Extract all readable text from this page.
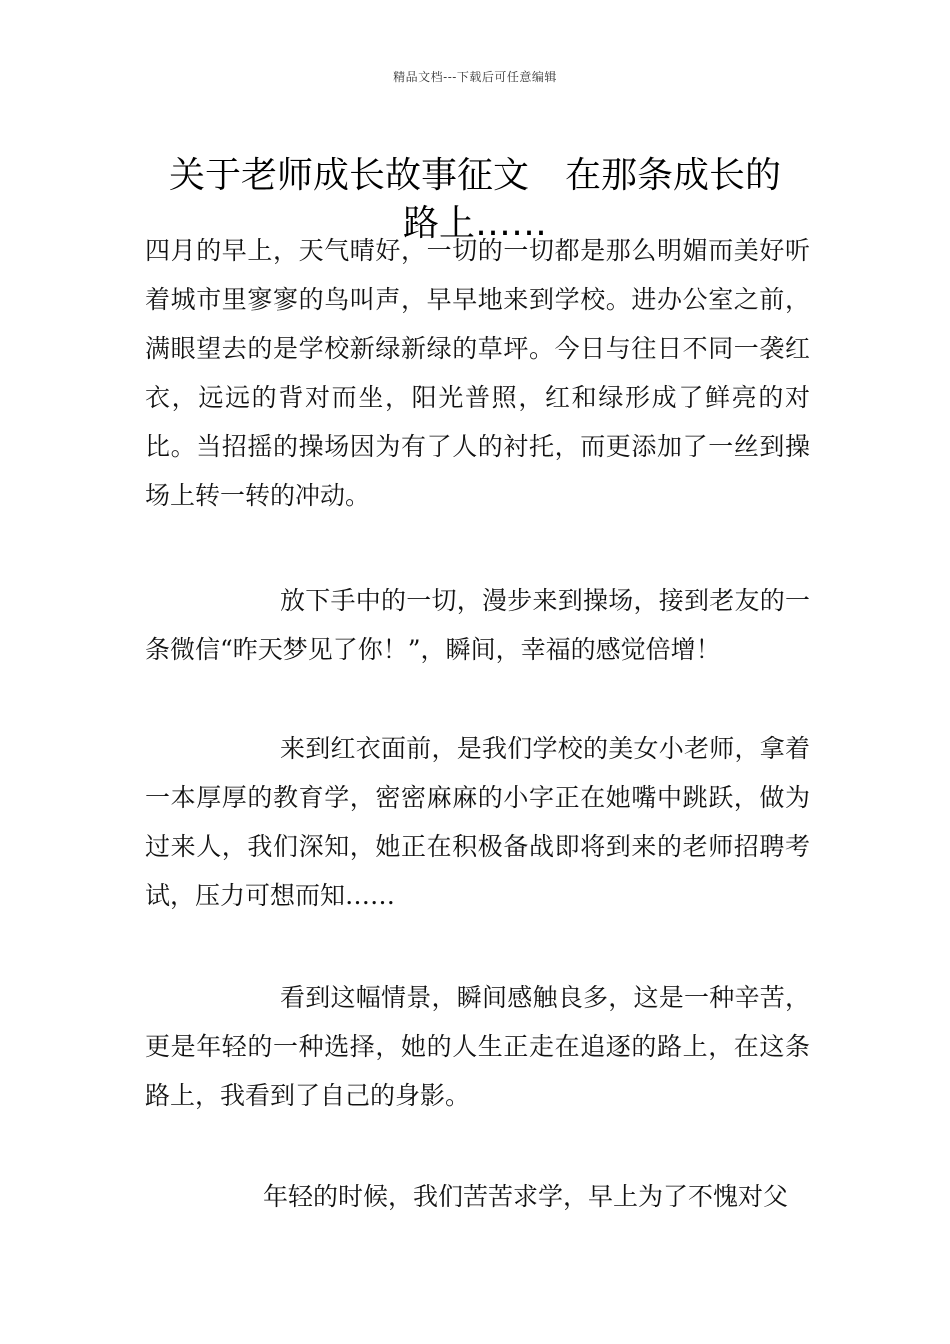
精品文档---下载后可任意编辑
关于老师成长故事征文　在那条成长的
路上……

四月的早上，天气晴好，一切的一切都是那么明媚而美好听着城市里寥寥的鸟叫声，早早地来到学校。进办公室之前，满眼望去的是学校新绿新绿的草坪。今日与往日不同一袭红衣，远远的背对而坐，阳光普照，红和绿形成了鲜亮的对比。当招摇的操场因为有了人的衬托，而更添加了一丝到操场上转一转的冲动。

放下手中的一切，漫步来到操场，接到老友的一条微信“昨天梦见了你！”，瞬间，幸福的感觉倍增！

来到红衣面前，是我们学校的美女小老师，拿着一本厚厚的教育学，密密麻麻的小字正在她嘴中跳跃，做为过来人，我们深知，她正在积极备战即将到来的老师招聘考试，压力可想而知……

看到这幅情景，瞬间感触良多，这是一种辛苦，更是年轻的一种选择，她的人生正走在追逐的路上，在这条路上，我看到了自己的身影。

年轻的时候，我们苦苦求学，早上为了不愧对父
